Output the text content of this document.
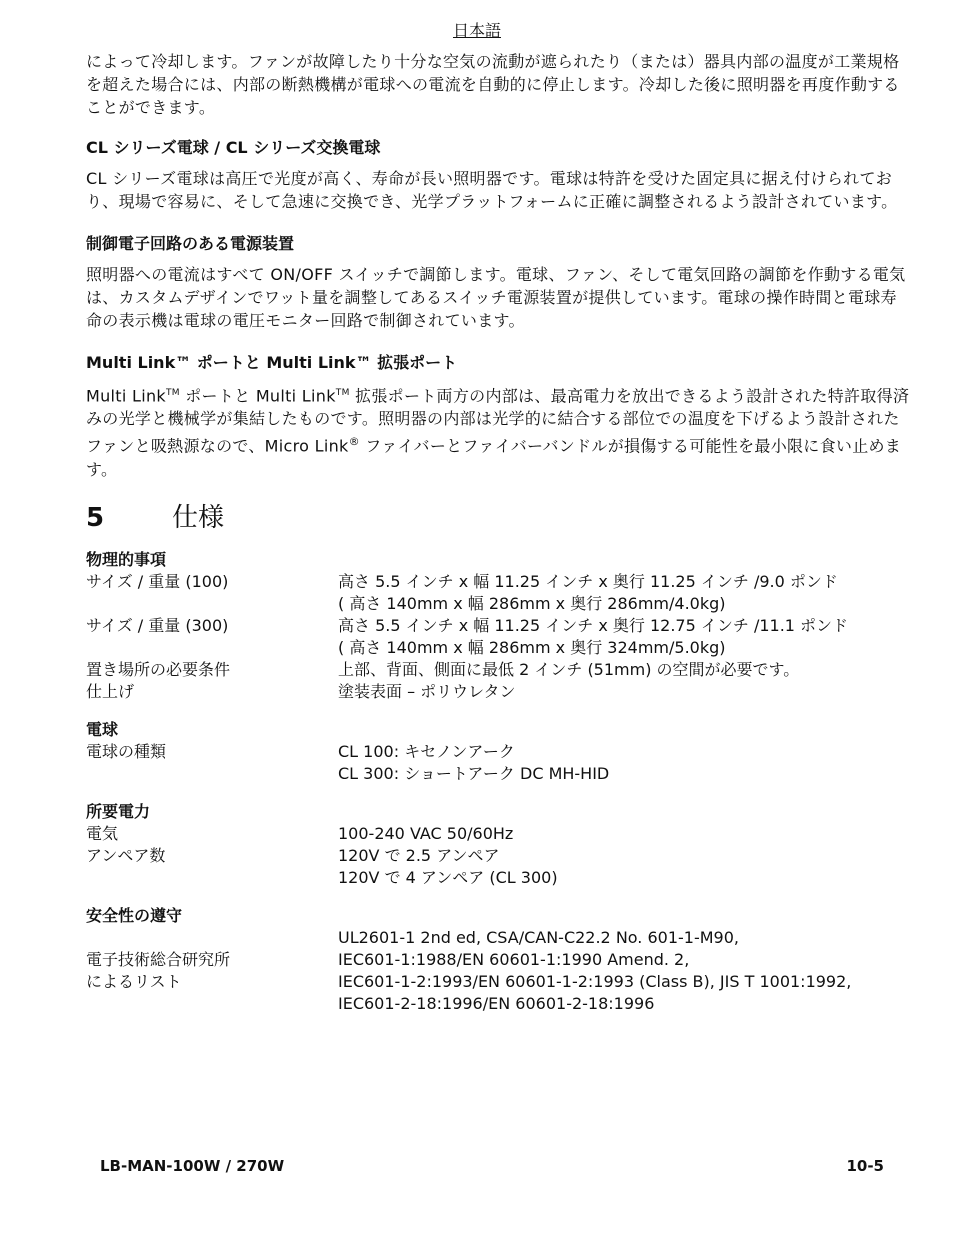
日本語

によって冷却します。ファンが故障したり十分な空気の流動が遮られたり（または）器具内部の温度が工業規格を超えた場合には、内部の断熱機構が電球への電流を自動的に停止します。冷却した後に照明器を再度作動することができます。

CL シリーズ電球 / CL シリーズ交換電球

CL シリーズ電球は高圧で光度が高く、寿命が長い照明器です。電球は特許を受けた固定具に据え付けられており、現場で容易に、そして急速に交換でき、光学プラットフォームに正確に調整されるよう設計されています。

制御電子回路のある電源装置

照明器への電流はすべて ON/OFF スイッチで調節します。電球、ファン、そして電気回路の調節を作動する電気は、カスタムデザインでワット量を調整してあるスイッチ電源装置が提供しています。電球の操作時間と電球寿命の表示機は電球の電圧モニター回路で制御されています。

Multi Link™ ポートと Multi Link™ 拡張ポート

Multi Link™ ポートと Multi Link™ 拡張ポート両方の内部は、最高電力を放出できるよう設計された特許取得済みの光学と機械学が集結したものです。照明器の内部は光学的に結合する部位での温度を下げるよう設計されたファンと吸熱源なので、Micro Link® ファイバーとファイバーバンドルが損傷する可能性を最小限に食い止めます。

5	仕様
物理的事項
サイズ / 重量 (100)	高さ 5.5 インチ x 幅 11.25 インチ x 奥行 11.25 インチ /9.0 ポンド
( 高さ 140mm x 幅 286mm x 奥行 286mm/4.0kg)
サイズ / 重量 (300)	高さ 5.5 インチ x 幅 11.25 インチ x 奥行 12.75 インチ /11.1 ポンド
( 高さ 140mm x 幅 286mm x 奥行 324mm/5.0kg)
置き場所の必要条件	上部、背面、側面に最低 2 インチ (51mm) の空間が必要です。
仕上げ	塗装表面 – ポリウレタン
電球
電球の種類	CL 100: キセノンアーク
CL 300: ショートアーク DC MH-HID
所要電力
電気	100-240 VAC 50/60Hz
アンペア数	120V で 2.5 アンペア
120V で 4 アンペア (CL 300)
安全性の遵守
UL2601-1 2nd ed, CSA/CAN-C22.2 No. 601-1-M90,
電子技術総合研究所	IEC601-1:1988/EN 60601-1:1990 Amend. 2,
によるリスト	IEC601-1-2:1993/EN 60601-1-2:1993 (Class B), JIS T 1001:1992,
IEC601-2-18:1996/EN 60601-2-18:1996
LB-MAN-100W / 270W	10-5
